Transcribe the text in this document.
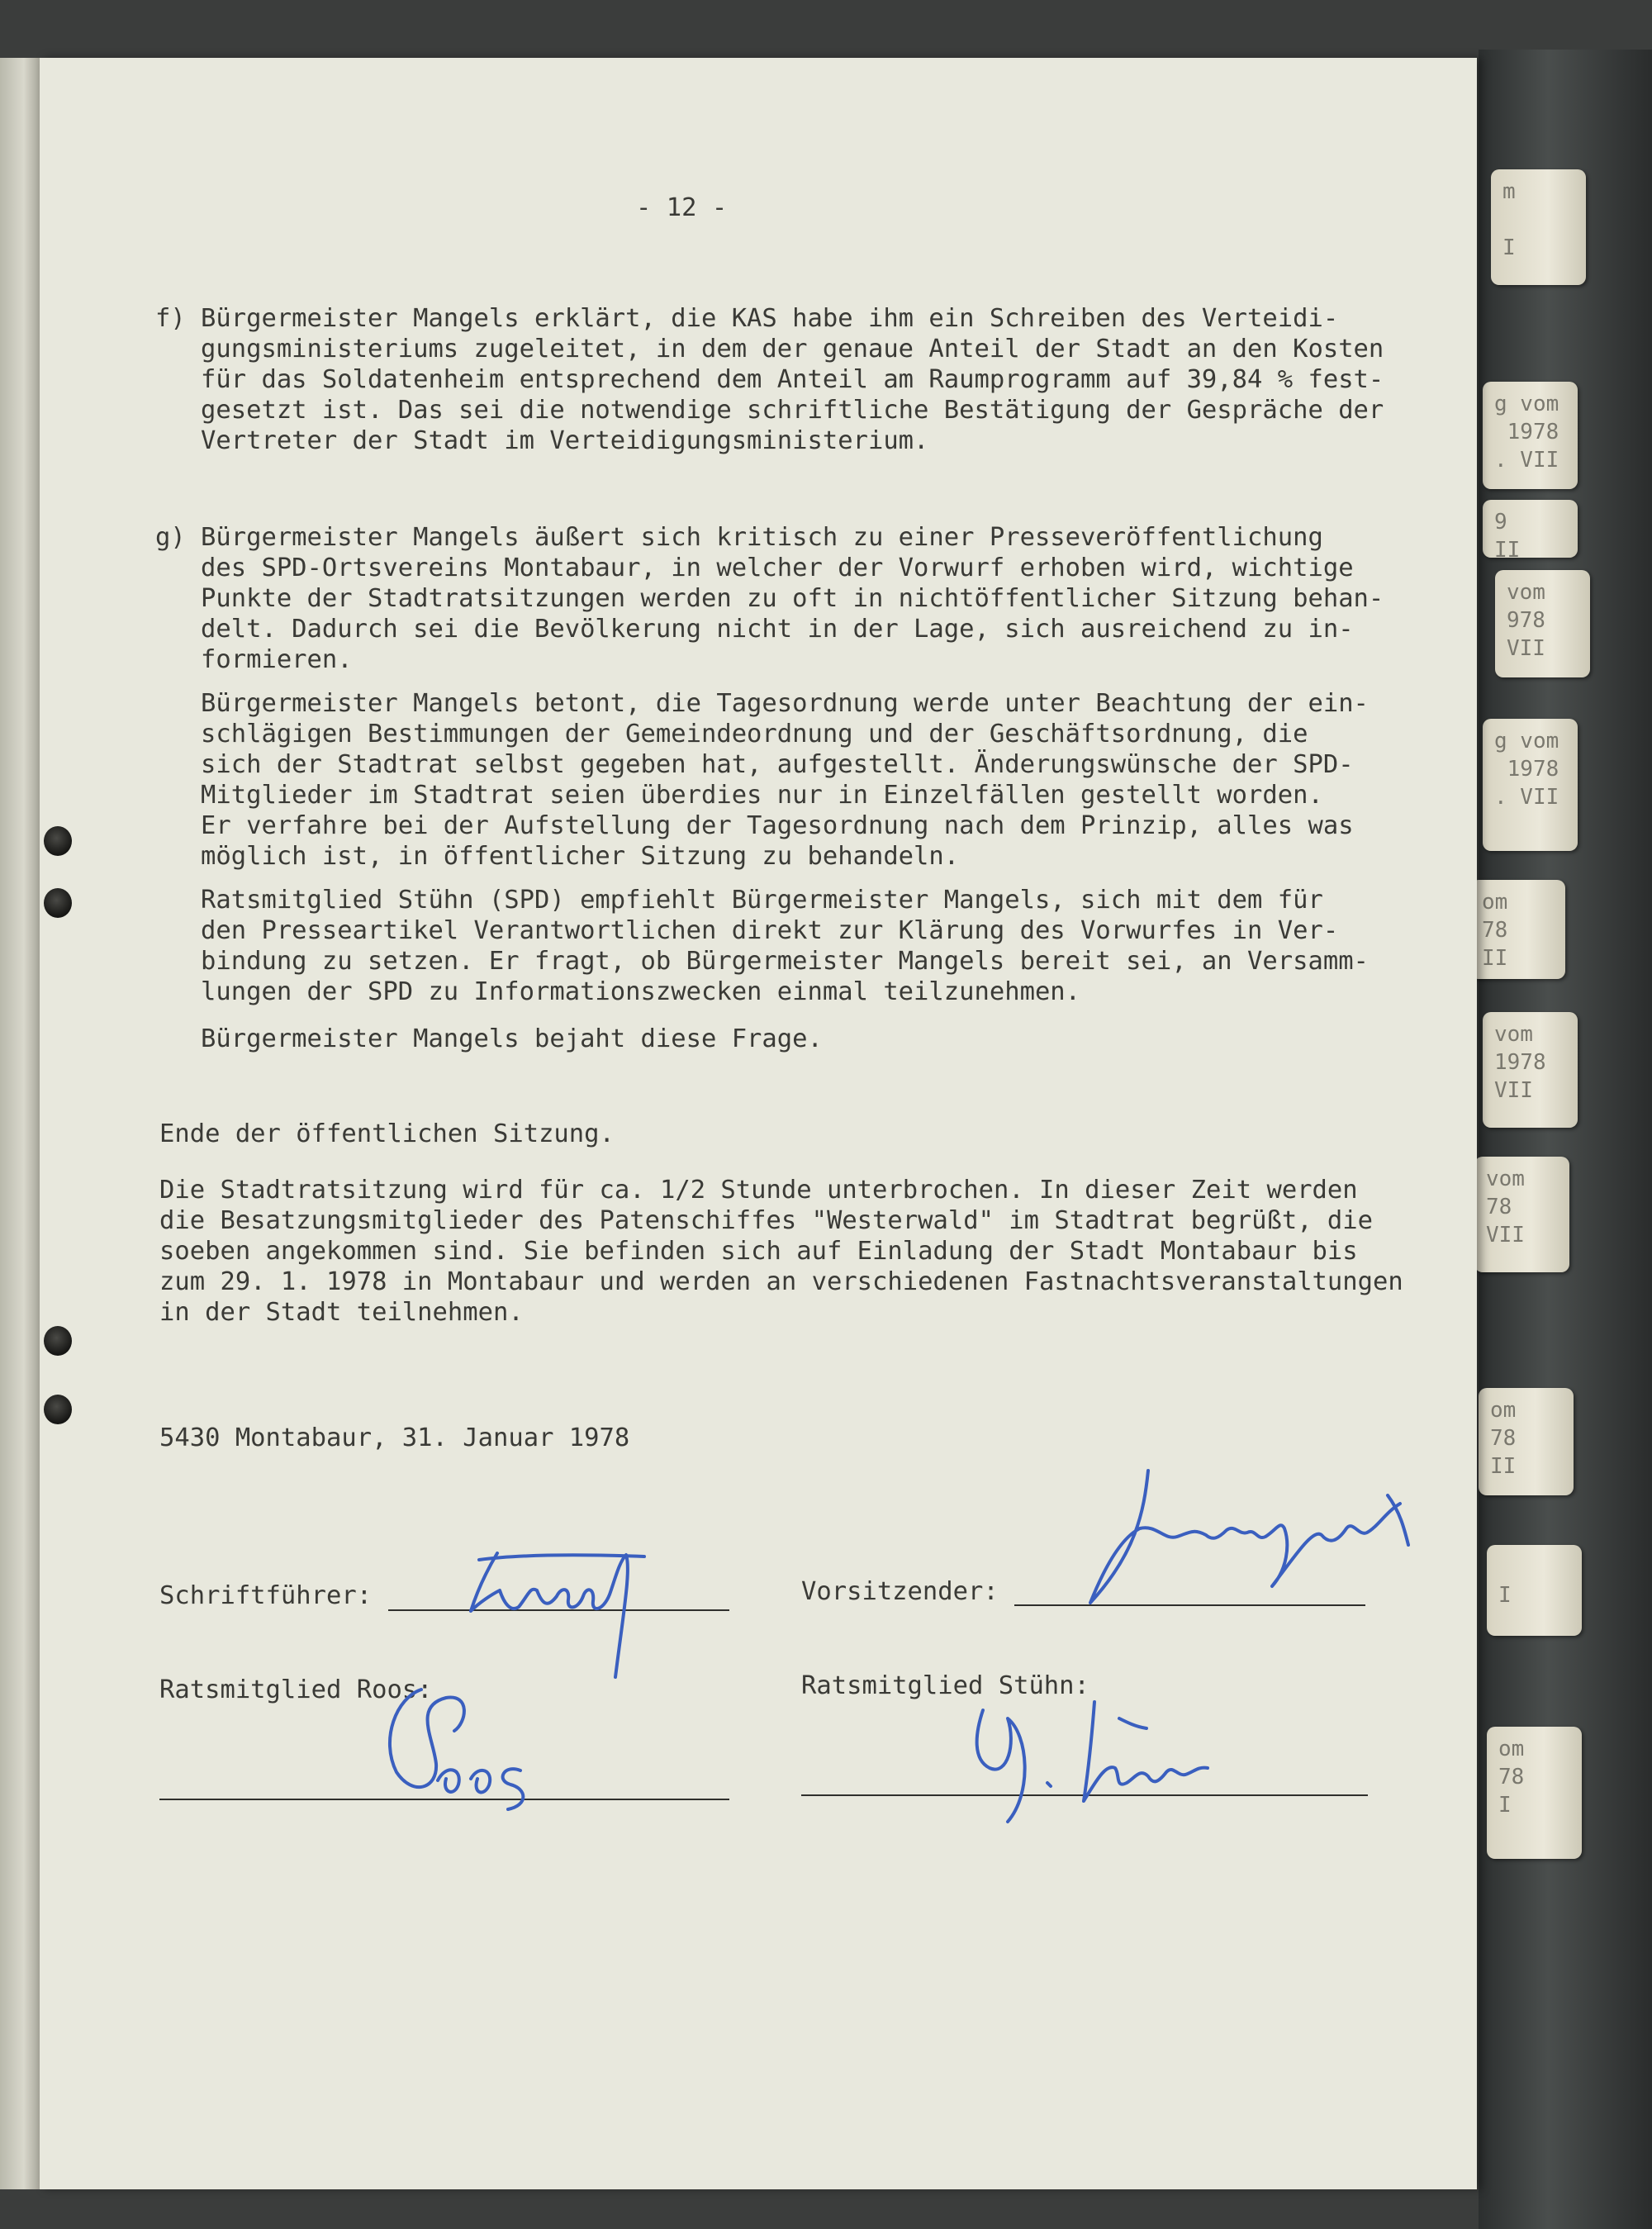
m

I
g vom
1978
. VII
9
II
vom
978
VII
g vom
1978
. VII
om
78
II
vom
1978
VII
vom
78
VII
om
78
II

I
om
78
I
- 12 -
f) Bürgermeister Mangels erklärt, die KAS habe ihm ein Schreiben des Verteidi-
gungsministeriums zugeleitet, in dem der genaue Anteil der Stadt an den Kosten
für das Soldatenheim entsprechend dem Anteil am Raumprogramm auf 39,84 % fest-
gesetzt ist. Das sei die notwendige schriftliche Bestätigung der Gespräche der
Vertreter der Stadt im Verteidigungsministerium.
g) Bürgermeister Mangels äußert sich kritisch zu einer Presseveröffentlichung
des SPD-Ortsvereins Montabaur, in welcher der Vorwurf erhoben wird, wichtige
Punkte der Stadtratsitzungen werden zu oft in nichtöffentlicher Sitzung behan-
delt. Dadurch sei die Bevölkerung nicht in der Lage, sich ausreichend zu in-
formieren.
Bürgermeister Mangels betont, die Tagesordnung werde unter Beachtung der ein-
schlägigen Bestimmungen der Gemeindeordnung und der Geschäftsordnung, die
sich der Stadtrat selbst gegeben hat, aufgestellt. Änderungswünsche der SPD-
Mitglieder im Stadtrat seien überdies nur in Einzelfällen gestellt worden.
Er verfahre bei der Aufstellung der Tagesordnung nach dem Prinzip, alles was
möglich ist, in öffentlicher Sitzung zu behandeln.
Ratsmitglied Stühn (SPD) empfiehlt Bürgermeister Mangels, sich mit dem für
den Presseartikel Verantwortlichen direkt zur Klärung des Vorwurfes in Ver-
bindung zu setzen. Er fragt, ob Bürgermeister Mangels bereit sei, an Versamm-
lungen der SPD zu Informationszwecken einmal teilzunehmen.
Bürgermeister Mangels bejaht diese Frage.
Ende der öffentlichen Sitzung.
Die Stadtratsitzung wird für ca. 1/2 Stunde unterbrochen. In dieser Zeit werden
die Besatzungsmitglieder des Patenschiffes "Westerwald" im Stadtrat begrüßt, die
soeben angekommen sind. Sie befinden sich auf Einladung der Stadt Montabaur bis
zum 29. 1. 1978 in Montabaur und werden an verschiedenen Fastnachtsveranstaltungen
in der Stadt teilnehmen.
5430 Montabaur, 31. Januar 1978
Schriftführer:	Vorsitzender:
Ratsmitglied Roos:	Ratsmitglied Stühn:
